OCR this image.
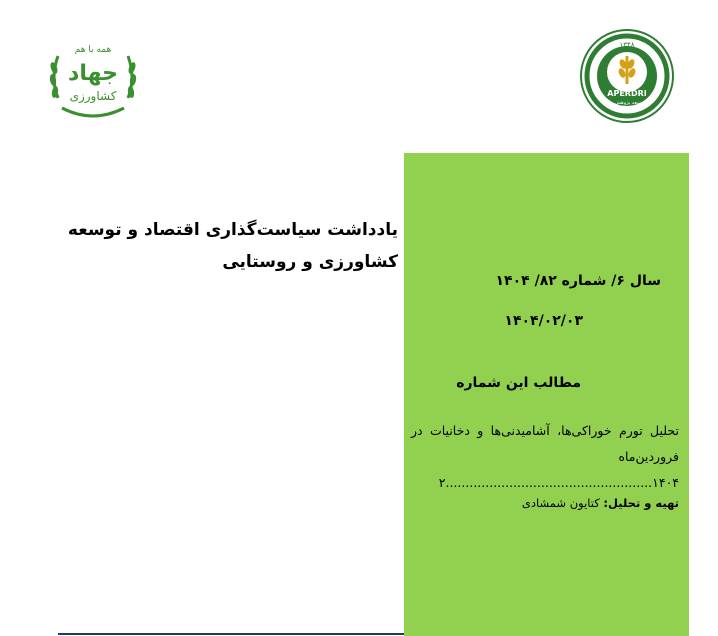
همه با هم
جهاد
کشاورزی
۱۳۴۸
APERDRI
توسعه پژوهش ها
1969
یادداشت سیاست‌گذاری اقتصاد و توسعه کشاورزی و روستایی
سال ۶/ شماره ۸۲/ ۱۴۰۴
۱۴۰۴/۰۲/۰۳
مطالب این شماره
تحلیل تورم خوراکی‌ها، آشامیدنی‌ها و دخانیات در فروردین‌ماه ۱۴۰۴....................................................۲
تهیه و تحلیل: کتایون شمشادی
